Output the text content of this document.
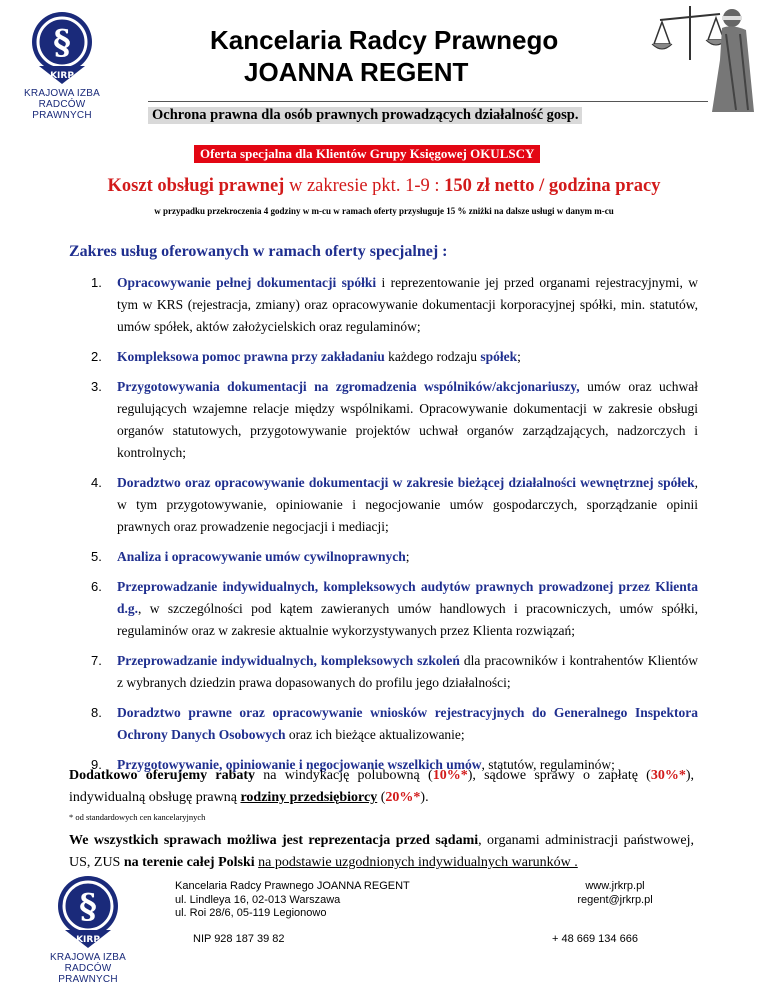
§
KIRP
KRAJOWA IZBA
RADCÓW PRAWNYCH
Kancelaria Radcy Prawnego
JOANNA REGENT
Ochrona prawna dla osób prawnych prowadzących działalność gosp.
Oferta specjalna dla Klientów Grupy Księgowej OKULSCY
Koszt obsługi prawnej w zakresie pkt. 1-9 : 150 zł netto / godzina pracy
w przypadku przekroczenia 4 godziny w m-cu w ramach oferty przysługuje 15 % zniżki na dalsze usługi w danym m-cu
Zakres usług oferowanych w ramach oferty specjalnej :
1. Opracowywanie pełnej dokumentacji spółki i reprezentowanie jej przed organami rejestracyjnymi, w tym w KRS (rejestracja, zmiany) oraz opracowywanie dokumentacji korporacyjnej spółki, min. statutów, umów spółek, aktów założycielskich oraz regulaminów;
2. Kompleksowa pomoc prawna przy zakładaniu każdego rodzaju spółek;
3. Przygotowywania dokumentacji na zgromadzenia wspólników/akcjonariuszy, umów oraz uchwał regulujących wzajemne relacje między wspólnikami. Opracowywanie dokumentacji w zakresie obsługi organów statutowych, przygotowywanie projektów uchwał organów zarządzających, nadzorczych i kontrolnych;
4. Doradztwo oraz opracowywanie dokumentacji w zakresie bieżącej działalności wewnętrznej spółek, w tym przygotowywanie, opiniowanie i negocjowanie umów gospodarczych, sporządzanie opinii prawnych oraz prowadzenie negocjacji i mediacji;
5. Analiza i opracowywanie umów cywilnoprawnych;
6. Przeprowadzanie indywidualnych, kompleksowych audytów prawnych prowadzonej przez Klienta d.g., w szczególności pod kątem zawieranych umów handlowych i pracowniczych, umów spółki, regulaminów oraz w zakresie aktualnie wykorzystywanych przez Klienta rozwiązań;
7. Przeprowadzanie indywidualnych, kompleksowych szkoleń dla pracowników i kontrahentów Klientów z wybranych dziedzin prawa dopasowanych do profilu jego działalności;
8. Doradztwo prawne oraz opracowywanie wniosków rejestracyjnych do Generalnego Inspektora Ochrony Danych Osobowych oraz ich bieżące aktualizowanie;
9. Przygotowywanie, opiniowanie i negocjowanie wszelkich umów, statutów, regulaminów;
Dodatkowo oferujemy rabaty na windykację polubowną (10%*), sądowe sprawy o zapłatę (30%*), indywidualną obsługę prawną rodziny przedsiębiorcy (20%*).
* od standardowych cen kancelaryjnych
We wszystkich sprawach możliwa jest reprezentacja przed sądami, organami administracji państwowej, US, ZUS na terenie całej Polski na podstawie uzgodnionych indywidualnych warunków .
§
KIRP
KRAJOWA IZBA
RADCÓW PRAWNYCH
Kancelaria Radcy Prawnego JOANNA REGENT
ul. Lindleya 16, 02-013 Warszawa
ul. Roi 28/6, 05-119 Legionowo
NIP 928 187 39 82
www.jrkrp.pl
regent@jrkrp.pl
+ 48 669 134 666
